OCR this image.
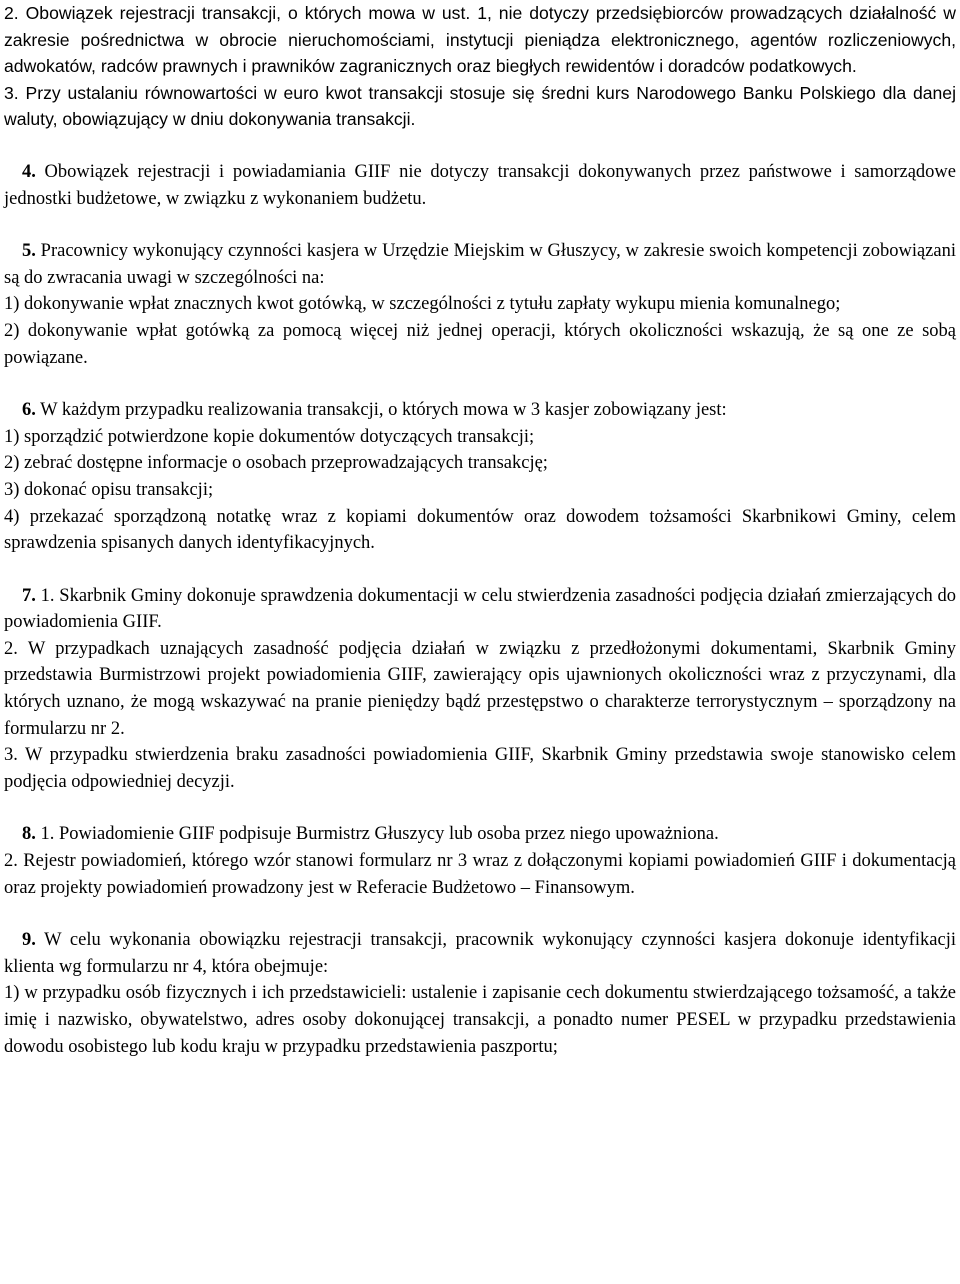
2. Obowiązek rejestracji transakcji, o których mowa w ust. 1, nie dotyczy przedsiębiorców prowadzących działalność w zakresie pośrednictwa w obrocie nieruchomościami, instytucji pieniądza elektronicznego, agentów rozliczeniowych, adwokatów, radców prawnych i prawników zagranicznych oraz biegłych rewidentów i doradców podatkowych.

3. Przy ustalaniu równowartości w euro kwot transakcji stosuje się średni kurs Narodowego Banku Polskiego dla danej waluty, obowiązujący w dniu dokonywania transakcji.

4. Obowiązek rejestracji i powiadamiania GIIF nie dotyczy transakcji dokonywanych przez państwowe i samorządowe jednostki budżetowe, w związku z wykonaniem budżetu.

5. Pracownicy wykonujący czynności kasjera w Urzędzie Miejskim w Głuszycy, w zakresie swoich kompetencji zobowiązani są do zwracania uwagi w szczególności na:

1) dokonywanie wpłat znacznych kwot gotówką, w szczególności z tytułu zapłaty wykupu mienia komunalnego;

2) dokonywanie wpłat gotówką za pomocą więcej niż jednej operacji, których okoliczności wskazują, że są one ze sobą powiązane.

6. W każdym przypadku realizowania transakcji, o których mowa w 3 kasjer zobowiązany jest:

1) sporządzić potwierdzone kopie dokumentów dotyczących transakcji;

2) zebrać dostępne informacje o osobach przeprowadzających transakcję;

3) dokonać opisu transakcji;

4) przekazać sporządzoną notatkę wraz z kopiami dokumentów oraz dowodem tożsamości Skarbnikowi Gminy, celem sprawdzenia spisanych danych identyfikacyjnych.

7. 1. Skarbnik Gminy dokonuje sprawdzenia dokumentacji w celu stwierdzenia zasadności podjęcia działań zmierzających do powiadomienia GIIF.

2. W przypadkach uznających zasadność podjęcia działań w związku z przedłożonymi dokumentami, Skarbnik Gminy przedstawia Burmistrzowi projekt powiadomienia GIIF, zawierający opis ujawnionych okoliczności wraz z przyczynami, dla których uznano, że mogą wskazywać na pranie pieniędzy bądź przestępstwo o charakterze terrorystycznym – sporządzony na formularzu nr 2.

3. W przypadku stwierdzenia braku zasadności powiadomienia GIIF, Skarbnik Gminy przedstawia swoje stanowisko celem podjęcia odpowiedniej decyzji.

8. 1. Powiadomienie GIIF podpisuje Burmistrz Głuszycy lub osoba przez niego upoważniona.

2. Rejestr powiadomień, którego wzór stanowi formularz nr 3 wraz z dołączonymi kopiami powiadomień GIIF i dokumentacją oraz projekty powiadomień prowadzony jest w Referacie Budżetowo – Finansowym.

9. W celu wykonania obowiązku rejestracji transakcji, pracownik wykonujący czynności kasjera dokonuje identyfikacji klienta wg formularzu nr 4, która obejmuje:

1) w przypadku osób fizycznych i ich przedstawicieli: ustalenie i zapisanie cech dokumentu stwierdzającego tożsamość, a także imię i nazwisko, obywatelstwo, adres osoby dokonującej transakcji, a ponadto numer PESEL w przypadku przedstawienia dowodu osobistego lub kodu kraju w przypadku przedstawienia paszportu;
